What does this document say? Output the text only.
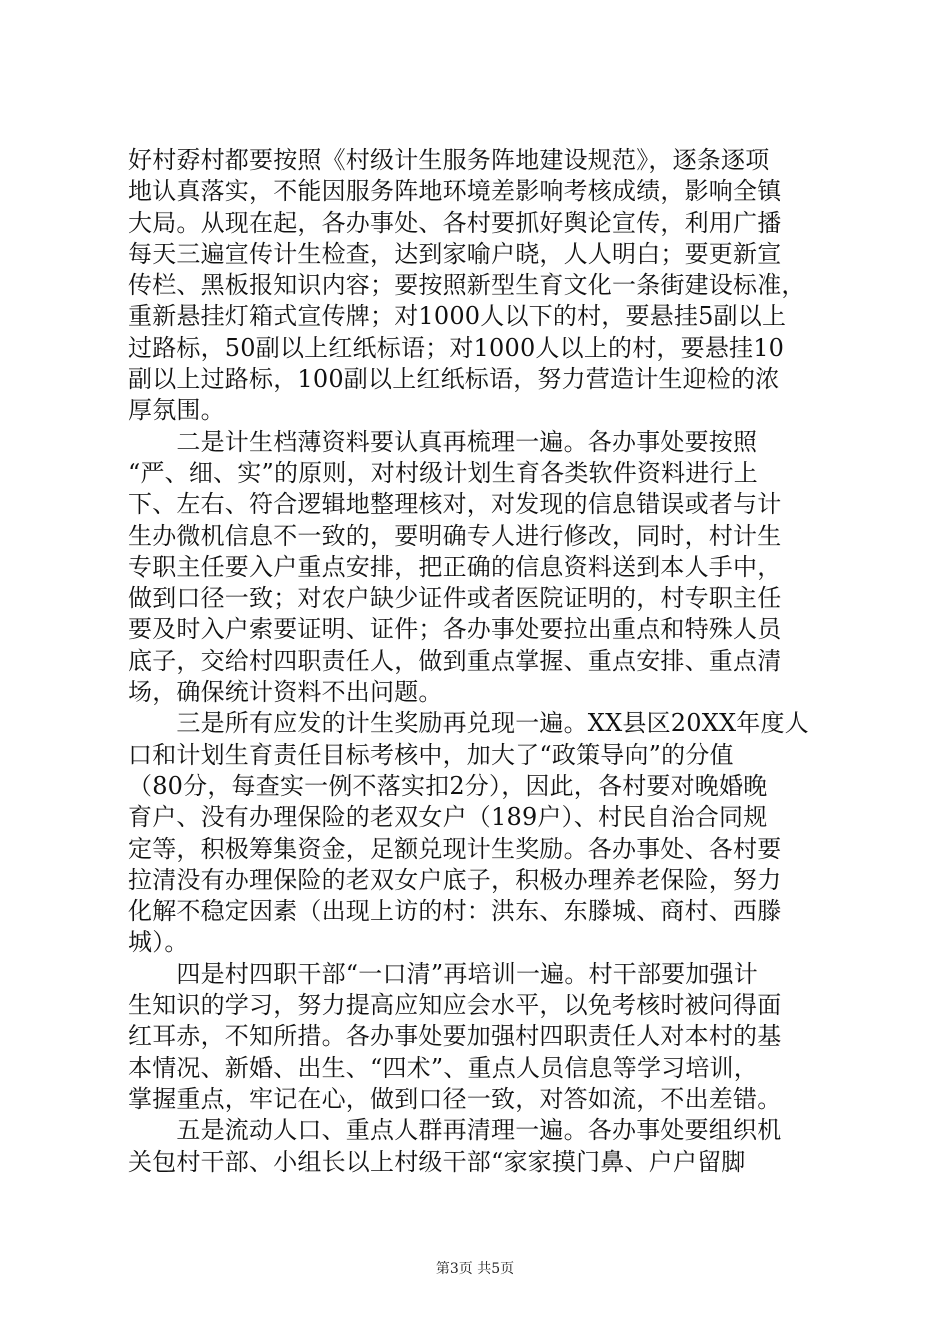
好村孬村都要按照《村级计生服务阵地建设规范》，逐条逐项
地认真落实，不能因服务阵地环境差影响考核成绩，影响全镇
大局。从现在起，各办事处、各村要抓好舆论宣传，利用广播
每天三遍宣传计生检查，达到家喻户晓，人人明白；要更新宣
传栏、黑板报知识内容；要按照新型生育文化一条街建设标准，
重新悬挂灯箱式宣传牌；对1000人以下的村，要悬挂5副以上
过路标，50副以上红纸标语；对1000人以上的村，要悬挂10
副以上过路标，100副以上红纸标语，努力营造计生迎检的浓
厚氛围。
　　二是计生档薄资料要认真再梳理一遍。各办事处要按照
“严、细、实”的原则，对村级计划生育各类软件资料进行上
下、左右、符合逻辑地整理核对，对发现的信息错误或者与计
生办微机信息不一致的，要明确专人进行修改，同时，村计生
专职主任要入户重点安排，把正确的信息资料送到本人手中，
做到口径一致；对农户缺少证件或者医院证明的，村专职主任
要及时入户索要证明、证件；各办事处要拉出重点和特殊人员
底子，交给村四职责任人，做到重点掌握、重点安排、重点清
场，确保统计资料不出问题。
　　三是所有应发的计生奖励再兑现一遍。XX县区20XX年度人
口和计划生育责任目标考核中，加大了“政策导向”的分值
（80分，每查实一例不落实扣2分），因此，各村要对晚婚晚
育户、没有办理保险的老双女户（189户）、村民自治合同规
定等，积极筹集资金，足额兑现计生奖励。各办事处、各村要
拉清没有办理保险的老双女户底子，积极办理养老保险，努力
化解不稳定因素（出现上访的村：洪东、东滕城、商村、西滕
城）。
　　四是村四职干部“一口清”再培训一遍。村干部要加强计
生知识的学习，努力提高应知应会水平，以免考核时被问得面
红耳赤，不知所措。各办事处要加强村四职责任人对本村的基
本情况、新婚、出生、“四术”、重点人员信息等学习培训，
掌握重点，牢记在心，做到口径一致，对答如流，不出差错。
　　五是流动人口、重点人群再清理一遍。各办事处要组织机
关包村干部、小组长以上村级干部“家家摸门鼻、户户留脚
第3页 共5页
